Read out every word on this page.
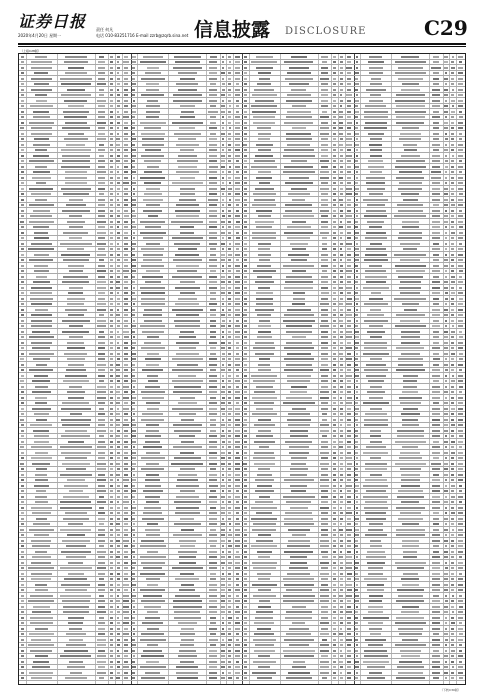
证券日报
2020年4月20日 星期一
责任 何凡
电话 010-83251716 E-mail zzrb@zqrb.sina.net 信息披露 DISCLOSURE	C29
（上接C28版）
（下转C30版）
